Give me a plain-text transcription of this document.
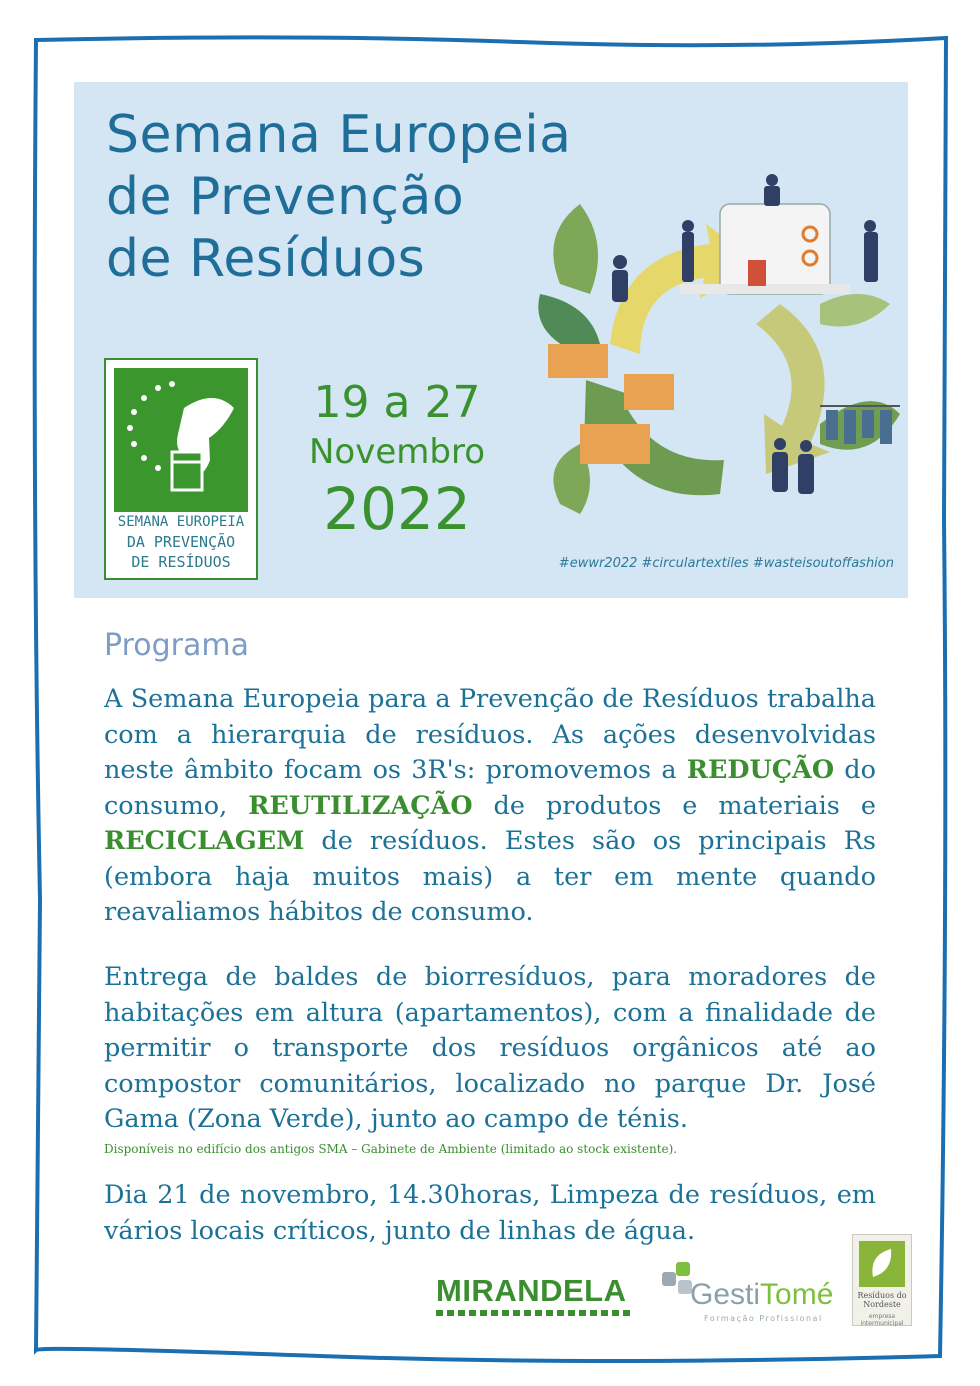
Semana Europeia
de Prevenção
de Resíduos
SEMANA EUROPEIA
DA PREVENÇÃO
DE RESÍDUOS
19 a 27
Novembro
2022
#ewwr2022 #circulartextiles #wasteisoutoffashion
Programa

A Semana Europeia para a Prevenção de Resíduos trabalha com a hierarquia de resíduos. As ações desenvolvidas neste âmbito focam os 3R's: promovemos a REDUÇÃO do consumo, REUTILIZAÇÃO de produtos e materiais e RECICLAGEM de resíduos. Estes são os principais Rs (embora haja muitos mais) a ter em mente quando reavaliamos hábitos de consumo.

Entrega de baldes de biorresíduos, para moradores de habitações em altura (apartamentos), com a finalidade de permitir o transporte dos resíduos orgânicos até ao compostor comunitários, localizado no parque Dr. José Gama (Zona Verde), junto ao campo de ténis.

Disponíveis no edifício dos antigos SMA – Gabinete de Ambiente (limitado ao stock existente).

Dia 21 de novembro, 14.30horas, Limpeza de resíduos, em vários locais críticos, junto de linhas de água.

MIRANDELA GestiTomé
Formação Profissional
Resíduos do Nordeste
empresa intermunicipal
